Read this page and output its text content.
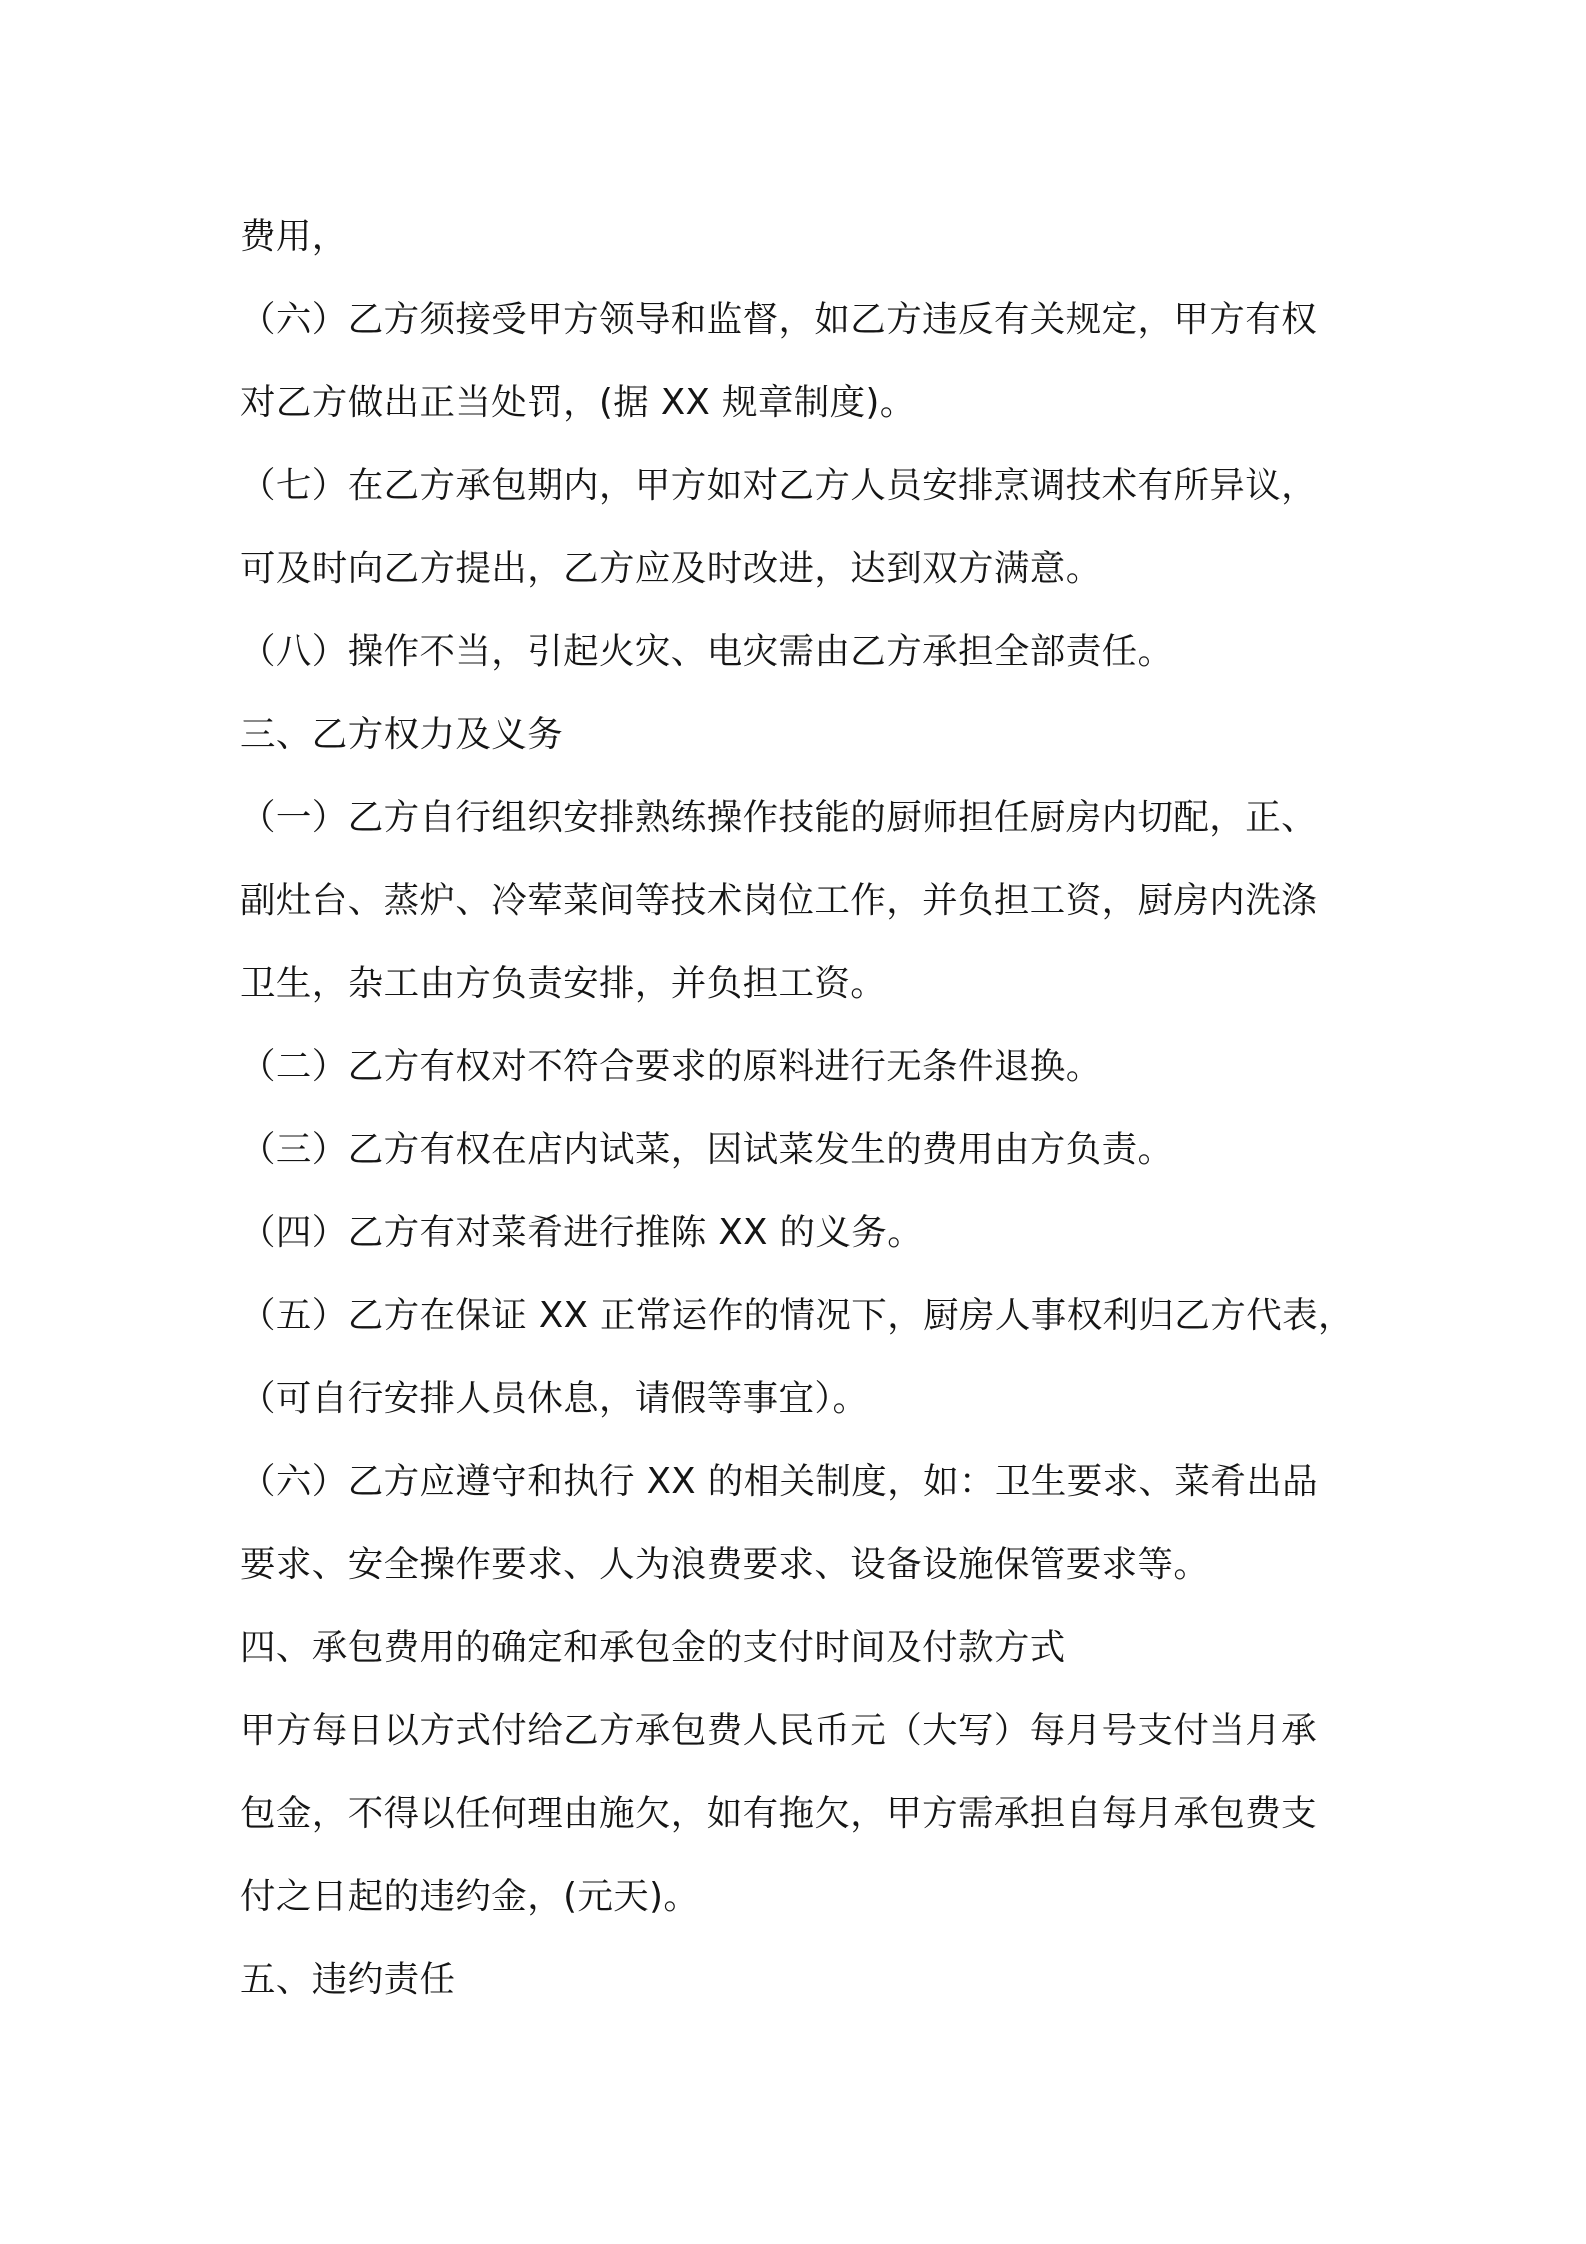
费用，
（六）乙方须接受甲方领导和监督，如乙方违反有关规定，甲方有权
对乙方做出正当处罚，(据 XX 规章制度)。
（七）在乙方承包期内，甲方如对乙方人员安排烹调技术有所异议，
可及时向乙方提出，乙方应及时改进，达到双方满意。
（八）操作不当，引起火灾、电灾需由乙方承担全部责任。
三、乙方权力及义务
（一）乙方自行组织安排熟练操作技能的厨师担任厨房内切配，正、
副灶台、蒸炉、冷荤菜间等技术岗位工作，并负担工资，厨房内洗涤
卫生，杂工由方负责安排，并负担工资。
（二）乙方有权对不符合要求的原料进行无条件退换。
（三）乙方有权在店内试菜，因试菜发生的费用由方负责。
（四）乙方有对菜肴进行推陈 XX 的义务。
（五）乙方在保证 XX 正常运作的情况下，厨房人事权利归乙方代表，
（可自行安排人员休息，请假等事宜）。
（六）乙方应遵守和执行 XX 的相关制度，如：卫生要求、菜肴出品
要求、安全操作要求、人为浪费要求、设备设施保管要求等。
四、承包费用的确定和承包金的支付时间及付款方式
甲方每日以方式付给乙方承包费人民币元（大写）每月号支付当月承
包金，不得以任何理由施欠，如有拖欠，甲方需承担自每月承包费支
付之日起的违约金，(元天)。
五、违约责任
